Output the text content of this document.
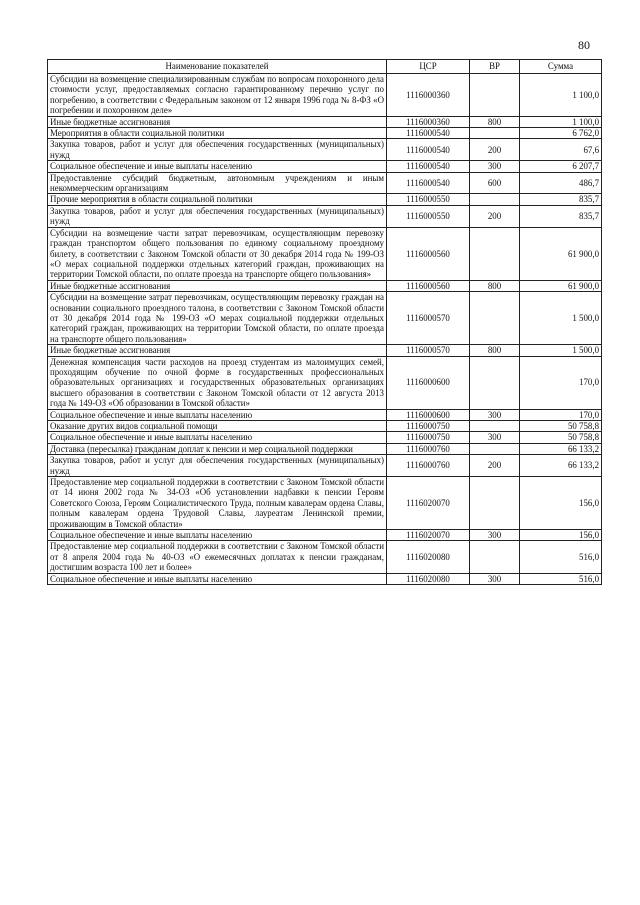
80
Наименование показателей	ЦСР	ВР	Сумма
Субсидии на возмещение специализированным службам по вопросам похоронного дела стоимости услуг, предоставляемых согласно гарантированному перечню услуг по погребению, в соответствии с Федеральным законом от 12 января 1996 года № 8-ФЗ «О погребении и похоронном деле»	1116000360		1 100,0
Иные бюджетные ассигнования	1116000360	800	1 100,0
Мероприятия в области социальной политики	1116000540		6 762,0
Закупка товаров, работ и услуг для обеспечения государственных (муниципальных) нужд	1116000540	200	67,6
Социальное обеспечение и иные выплаты населению	1116000540	300	6 207,7
Предоставление субсидий бюджетным, автономным учреждениям и иным некоммерческим организациям	1116000540	600	486,7
Прочие мероприятия в области социальной политики	1116000550		835,7
Закупка товаров, работ и услуг для обеспечения государственных (муниципальных) нужд	1116000550	200	835,7
Субсидии на возмещение части затрат перевозчикам, осуществляющим перевозку граждан транспортом общего пользования по единому социальному проездному билету, в соответствии с Законом Томской области от 30 декабря 2014 года № 199-ОЗ «О мерах социальной поддержки отдельных категорий граждан, проживающих на территории Томской области, по оплате проезда на транспорте общего пользования»	1116000560		61 900,0
Иные бюджетные ассигнования	1116000560	800	61 900,0
Субсидии на возмещение затрат перевозчикам, осуществляющим перевозку граждан на основании социального проездного талона, в соответствии с Законом Томской области от 30 декабря 2014 года № 199-ОЗ «О мерах социальной поддержки отдельных категорий граждан, проживающих на территории Томской области, по оплате проезда на транспорте общего пользования»	1116000570		1 500,0
Иные бюджетные ассигнования	1116000570	800	1 500,0
Денежная компенсация части расходов на проезд студентам из малоимущих семей, проходящим обучение по очной форме в государственных профессиональных образовательных организациях и государственных образовательных организациях высшего образования в соответствии с Законом Томской области от 12 августа 2013 года № 149-ОЗ «Об образовании в Томской области»	1116000600		170,0
Социальное обеспечение и иные выплаты населению	1116000600	300	170,0
Оказание других видов социальной помощи	1116000750		50 758,8
Социальное обеспечение и иные выплаты населению	1116000750	300	50 758,8
Доставка (пересылка) гражданам доплат к пенсии и мер социальной поддержки	1116000760		66 133,2
Закупка товаров, работ и услуг для обеспечения государственных (муниципальных) нужд	1116000760	200	66 133,2
Предоставление мер социальной поддержки в соответствии с Законом Томской области от 14 июня 2002 года № 34-ОЗ «Об установлении надбавки к пенсии Героям Советского Союза, Героям Социалистического Труда, полным кавалерам ордена Славы, полным кавалерам ордена Трудовой Славы, лауреатам Ленинской премии, проживающим в Томской области»	1116020070		156,0
Социальное обеспечение и иные выплаты населению	1116020070	300	156,0
Предоставление мер социальной поддержки в соответствии с Законом Томской области от 8 апреля 2004 года № 40-ОЗ «О ежемесячных доплатах к пенсии гражданам, достигшим возраста 100 лет и более»	1116020080		516,0
Социальное обеспечение и иные выплаты населению	1116020080	300	516,0
